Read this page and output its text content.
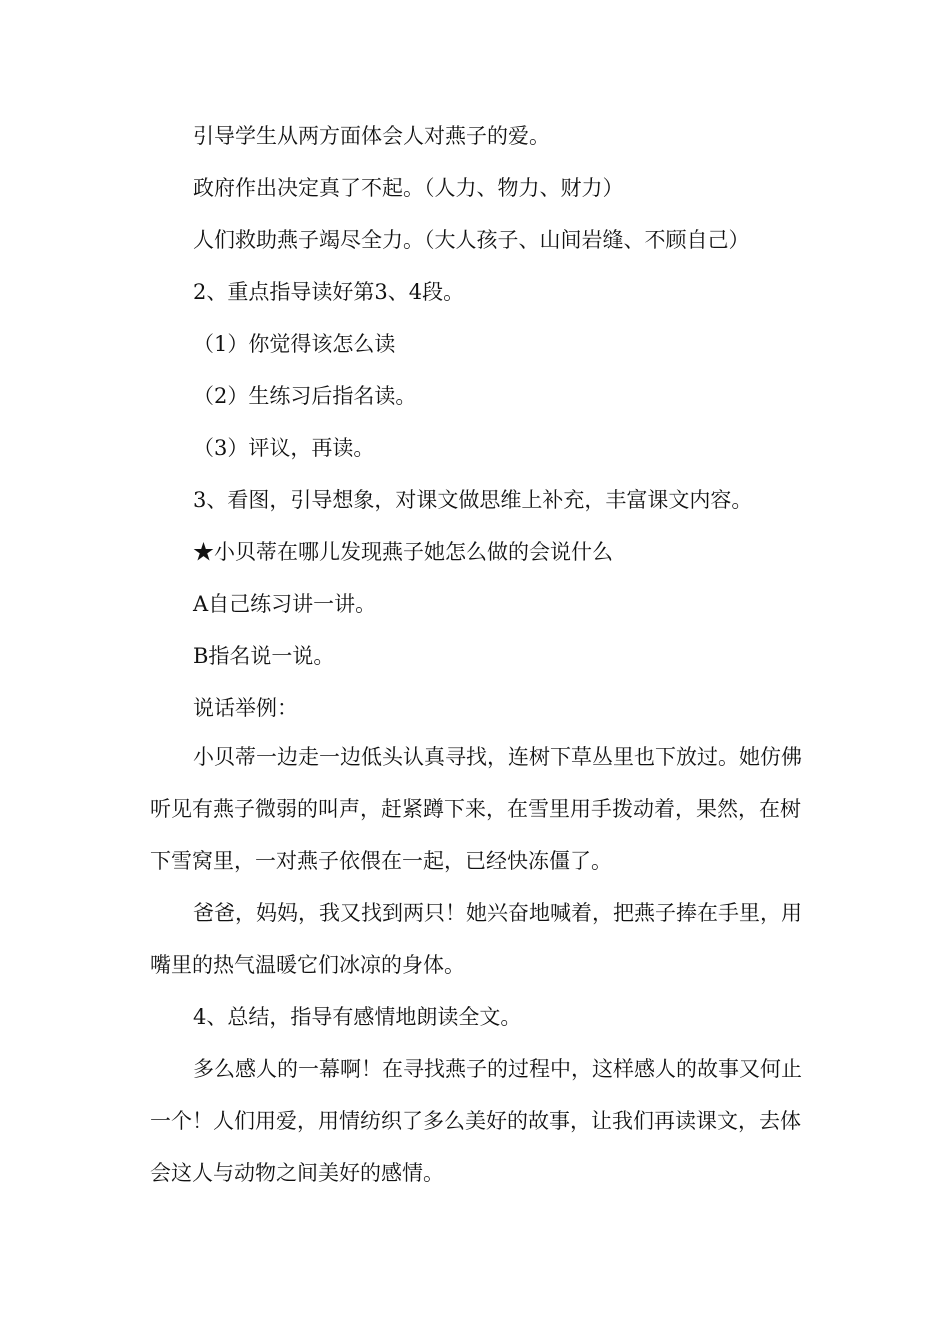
引导学生从两方面体会人对燕子的爱。

政府作出决定真了不起。（人力、物力、财力）

人们救助燕子竭尽全力。（大人孩子、山间岩缝、不顾自己）

2、重点指导读好第3、4段。

（1）你觉得该怎么读

（2）生练习后指名读。

（3）评议，再读。

3、看图，引导想象，对课文做思维上补充，丰富课文内容。

★小贝蒂在哪儿发现燕子她怎么做的会说什么

A自己练习讲一讲。

B指名说一说。

说话举例：

小贝蒂一边走一边低头认真寻找，连树下草丛里也下放过。她仿佛听见有燕子微弱的叫声，赶紧蹲下来，在雪里用手拨动着，果然，在树下雪窝里，一对燕子依偎在一起，已经快冻僵了。

爸爸，妈妈，我又找到两只！她兴奋地喊着，把燕子捧在手里，用嘴里的热气温暖它们冰凉的身体。

4、总结，指导有感情地朗读全文。

多么感人的一幕啊！在寻找燕子的过程中，这样感人的故事又何止一个！人们用爱，用情纺织了多么美好的故事，让我们再读课文，去体会这人与动物之间美好的感情。
